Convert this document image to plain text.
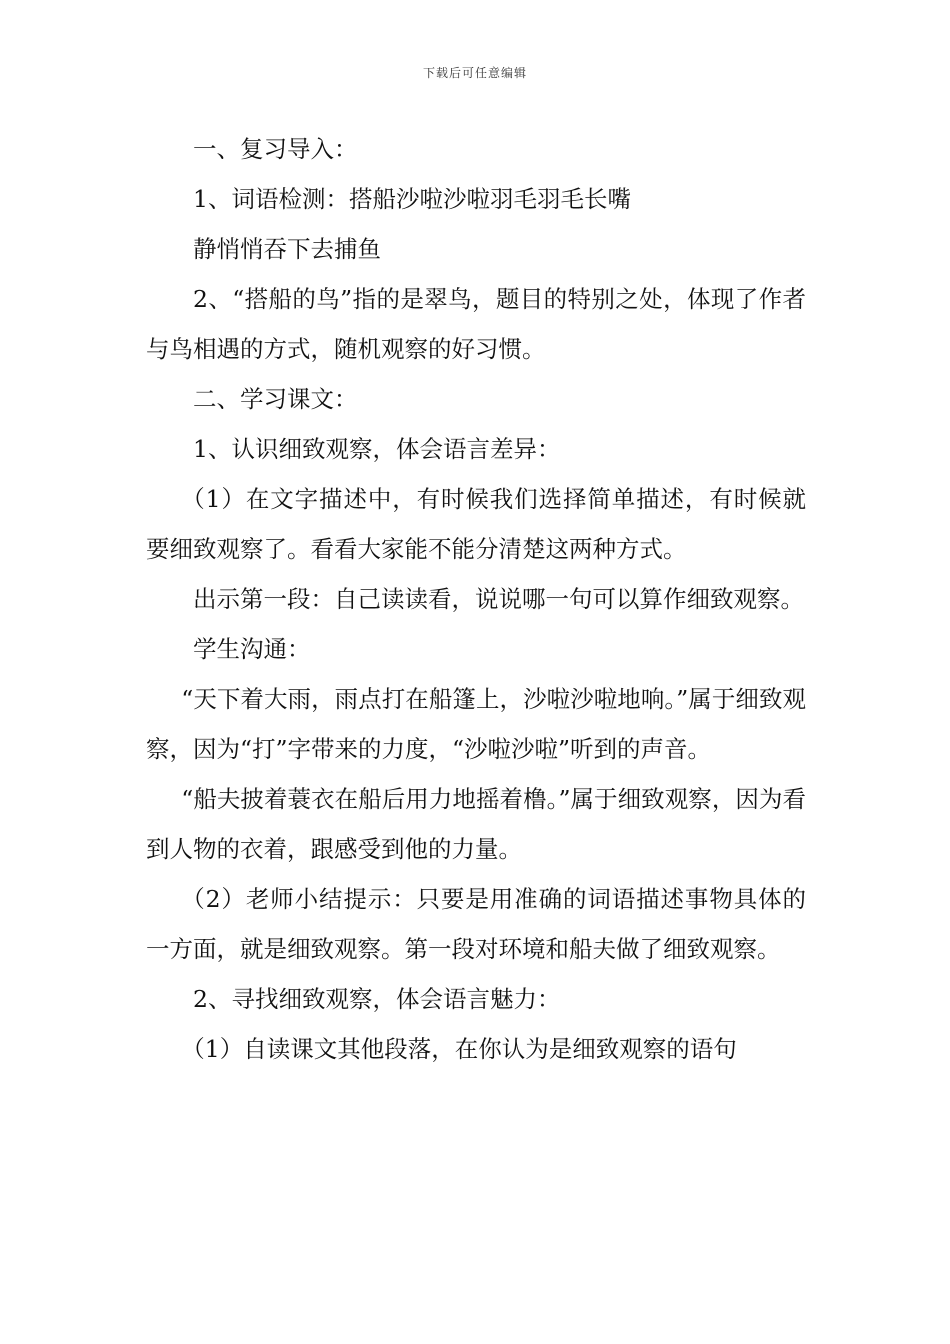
下载后可任意编辑

一、复习导入：

1、词语检测：搭船沙啦沙啦羽毛羽毛长嘴

静悄悄吞下去捕鱼

2、“搭船的鸟”指的是翠鸟，题目的特别之处，体现了作者与鸟相遇的方式，随机观察的好习惯。

二、学习课文：

1、认识细致观察，体会语言差异：

（1）在文字描述中，有时候我们选择简单描述，有时候就要细致观察了。看看大家能不能分清楚这两种方式。

出示第一段：自己读读看，说说哪一句可以算作细致观察。

学生沟通：

“天下着大雨，雨点打在船篷上，沙啦沙啦地响。”属于细致观察，因为“打”字带来的力度，“沙啦沙啦”听到的声音。

“船夫披着蓑衣在船后用力地摇着橹。”属于细致观察，因为看到人物的衣着，跟感受到他的力量。

（2）老师小结提示：只要是用准确的词语描述事物具体的一方面，就是细致观察。第一段对环境和船夫做了细致观察。

2、寻找细致观察，体会语言魅力：

（1）自读课文其他段落，在你认为是细致观察的语句
